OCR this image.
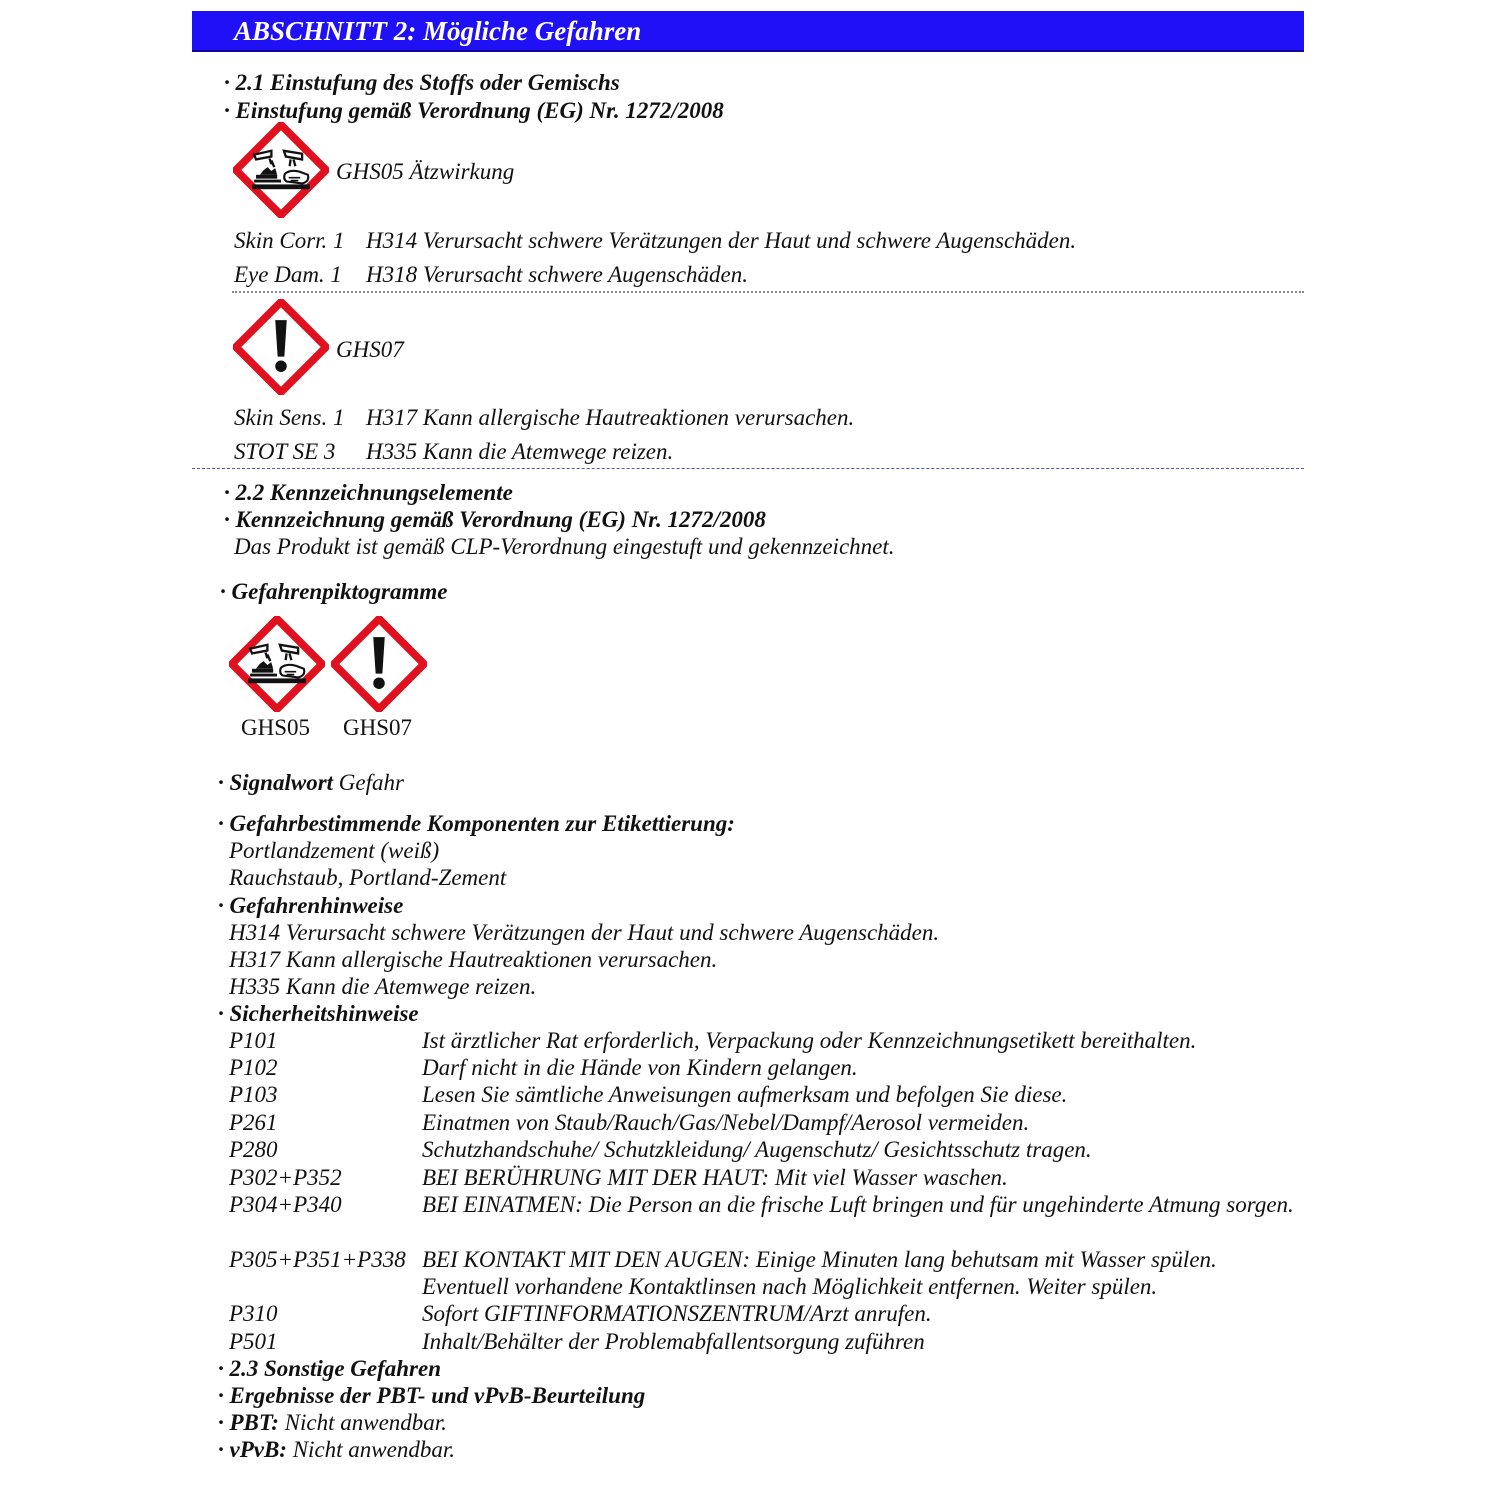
ABSCHNITT 2: Mögliche Gefahren
· 2.1 Einstufung des Stoffs oder Gemischs
· Einstufung gemäß Verordnung (EG) Nr. 1272/2008
GHS05 Ätzwirkung
Skin Corr. 1 H314 Verursacht schwere Verätzungen der Haut und schwere Augenschäden.
Eye Dam. 1 H318 Verursacht schwere Augenschäden.
GHS07
Skin Sens. 1 H317 Kann allergische Hautreaktionen verursachen.
STOT SE 3 H335 Kann die Atemwege reizen.
· 2.2 Kennzeichnungselemente
· Kennzeichnung gemäß Verordnung (EG) Nr. 1272/2008
Das Produkt ist gemäß CLP-Verordnung eingestuft und gekennzeichnet.
· Gefahrenpiktogramme
GHS05 GHS07
· Signalwort Gefahr
· Gefahrbestimmende Komponenten zur Etikettierung:
Portlandzement (weiß)
Rauchstaub, Portland-Zement
· Gefahrenhinweise
H314 Verursacht schwere Verätzungen der Haut und schwere Augenschäden.
H317 Kann allergische Hautreaktionen verursachen.
H335 Kann die Atemwege reizen.
· Sicherheitshinweise
P101	Ist ärztlicher Rat erforderlich, Verpackung oder Kennzeichnungsetikett bereithalten.
P102	Darf nicht in die Hände von Kindern gelangen.
P103	Lesen Sie sämtliche Anweisungen aufmerksam und befolgen Sie diese.
P261	Einatmen von Staub/Rauch/Gas/Nebel/Dampf/Aerosol vermeiden.
P280	Schutzhandschuhe/ Schutzkleidung/ Augenschutz/ Gesichtsschutz tragen.
P302+P352	BEI BERÜHRUNG MIT DER HAUT: Mit viel Wasser waschen.
P304+P340	BEI EINATMEN: Die Person an die frische Luft bringen und für ungehinderte Atmung sorgen.
P305+P351+P338 BEI KONTAKT MIT DEN AUGEN: Einige Minuten lang behutsam mit Wasser spülen. Eventuell vorhandene Kontaktlinsen nach Möglichkeit entfernen. Weiter spülen.
P310	Sofort GIFTINFORMATIONSZENTRUM/Arzt anrufen.
P501	Inhalt/Behälter der Problemabfallentsorgung zuführen
· 2.3 Sonstige Gefahren
· Ergebnisse der PBT- und vPvB-Beurteilung
· PBT: Nicht anwendbar.
· vPvB: Nicht anwendbar.
